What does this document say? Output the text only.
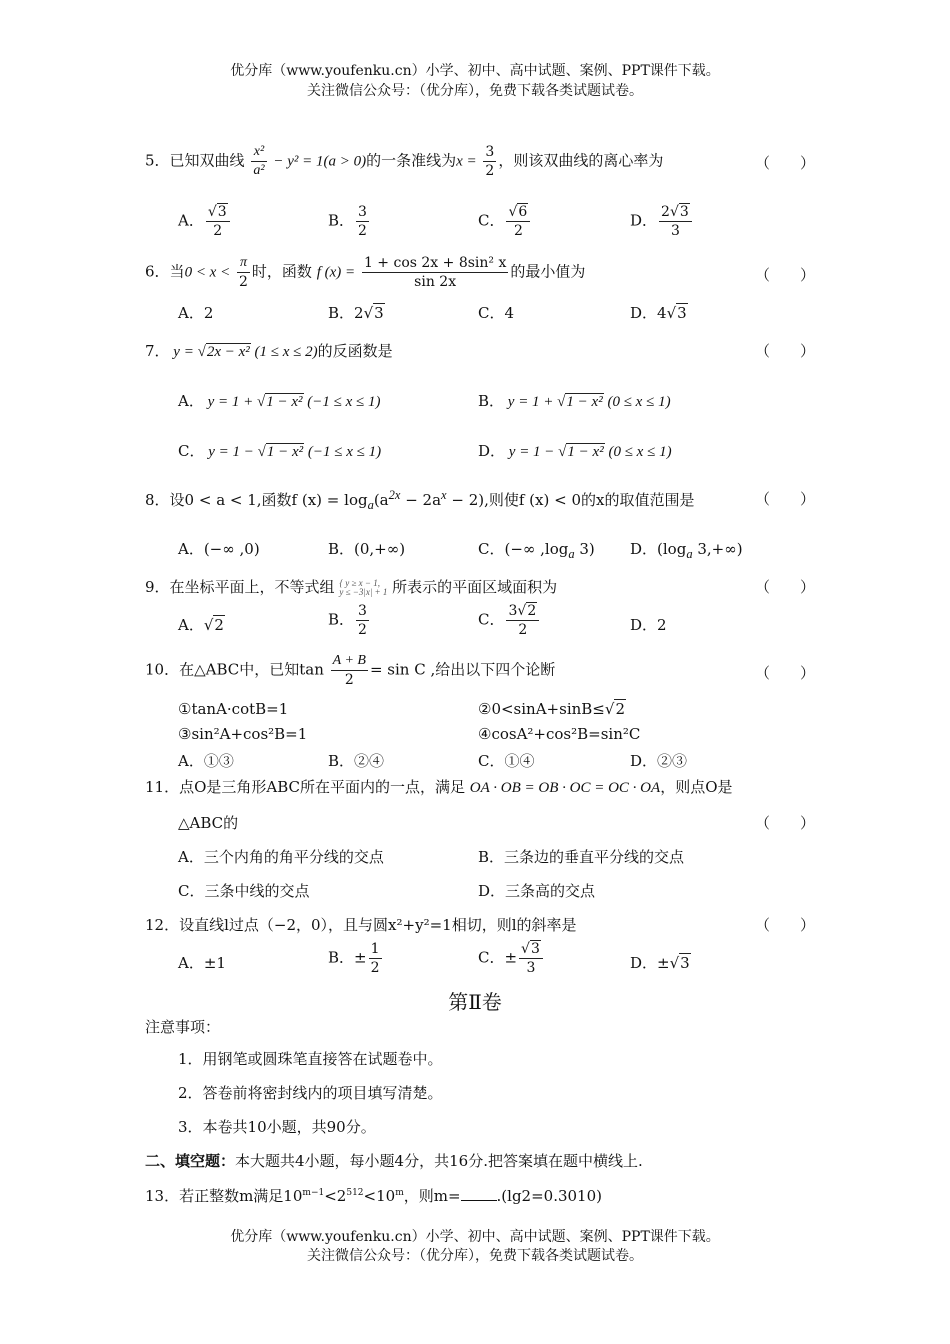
优分库（www.youfenku.cn）小学、初中、高中试题、案例、PPT课件下载。
关注微信公众号：（优分库），免费下载各类试题试卷。
5．已知双曲线 $\frac{\text{x²}}{\text{a²}} - y^2 = 1(a > 0)$的一条准线为$x = \frac{3}{2}$ ，则该双曲线的离心率为	（　　）
A． $\frac{√3}{2}$	B． $\frac{3}{2}$	C． $\frac{√6}{2}$	D． $\frac{2√3}{3}$
6．当$0 < x < \frac{\pi}{2}$ 时，函数 f $(x) = \frac{\text{1 + cos 2x + 8sin² x}}{\sin 2x}$ 的最小值为	（　　）
A．2	B．2√3	C．4	D．4√3
7． y = √2x − x² (1 ≤ x ≤ 2)的反函数是	（　　）
A． y = 1 + √1 − x² (−1 ≤ x ≤ 1)	B． y = 1 + √1 − x² (0 ≤ x ≤ 1)
C． y = 1 − √1 − x² (−1 ≤ x ≤ 1)	D． y = 1 − √1 − x² (0 ≤ x ≤ 1)
8．设0 < a < 1,函数f $(x) = \log_a(a^{2x} - 2a^x - 2)$,则使f (x) < 0的x的取值范围是	（　　）
A．(−∞ ,0)	B．(0,+∞)	C．(−∞ $,\log_a$ 3) D．($\log_a$ 3,+∞)
9．在坐标平面上，不等式组 { y ≥ x − 1,
y ≤ −3|x| + 1 所表示的平面区域面积为	（　　）
A．√2	B． $\frac{3}{2}$	C． $\frac{3√2}{2}$	D．2
10．在△ABC中，已知$\tan \frac{A + B}{2} = \sin C$ ,给出以下四个论断	（　　）
①tanA·cotB=1	②0<sinA+sinB≤√2
③sin²A+cos²B=1	④cosA²+cos²B=sin²C
A．①③	B．②④	C．①④	D．②③
11．点O是三角形ABC所在平面内的一点，满足 OA · OB = OB · OC = OC · OA，则点O是
△ABC的	（　　）
A．三个内角的角平分线的交点	B．三条边的垂直平分线的交点
C．三条中线的交点	D．三条高的交点
12．设直线l过点（−2，0），且与圆x²+y²=1相切，则l的斜率是	（　　）
A．±1	B．± $\frac{1}{2}$	C．± $\frac{√3}{3}$	D．±√3
第Ⅱ卷
注意事项：
1．用钢笔或圆珠笔直接答在试题卷中。
2．答卷前将密封线内的项目填写清楚。
3．本卷共10小题，共90分。
二、填空题：本大题共4小题，每小题4分，共16分.把答案填在题中横线上.
13．若正整数m满足$10^{m-1}<2^{512}<10^m$，则m= .(lg2=0.3010)
优分库（www.youfenku.cn）小学、初中、高中试题、案例、PPT课件下载。
关注微信公众号：（优分库），免费下载各类试题试卷。
